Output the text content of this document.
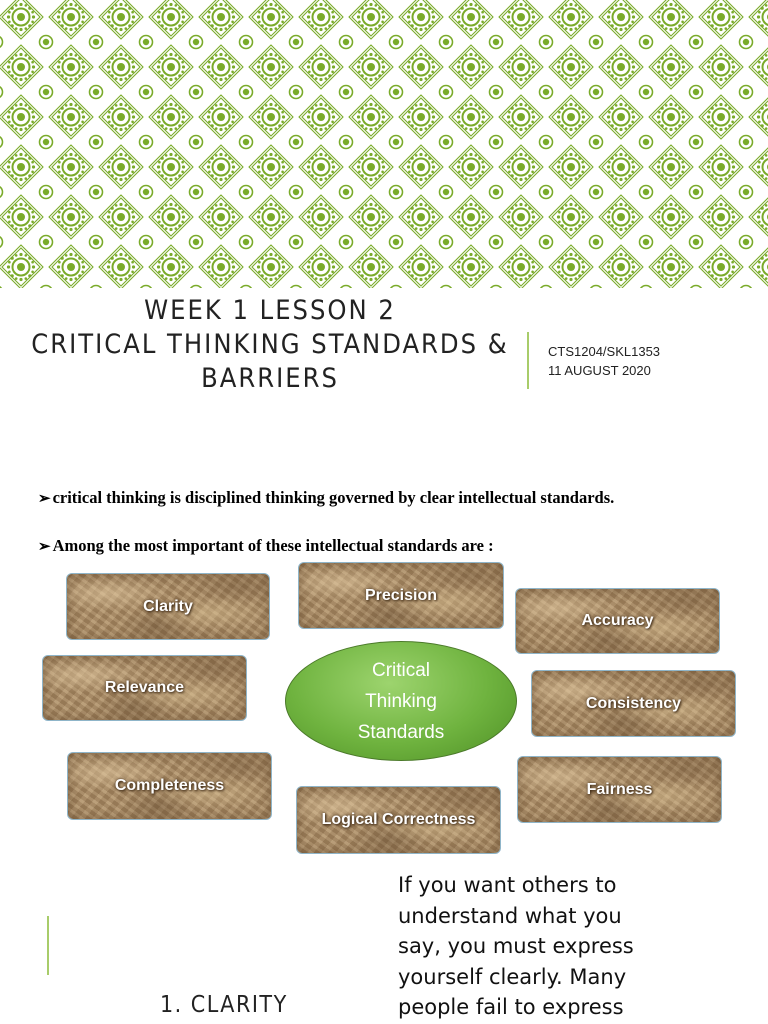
WEEK 1 LESSON 2
CRITICAL THINKING STANDARDS &
BARRIERS
CTS1204/SKL1353
11 AUGUST 2020
➢ critical thinking is disciplined thinking governed by clear intellectual standards.
➢ Among the most important of these intellectual standards are :
Clarity
Precision
Accuracy
Relevance
Consistency
Completeness	Fairness
Logical Correctness
Critical
Thinking
Standards
1. CLARITY
If you want others to
understand what you
say, you must express
yourself clearly. Many
people fail to express
